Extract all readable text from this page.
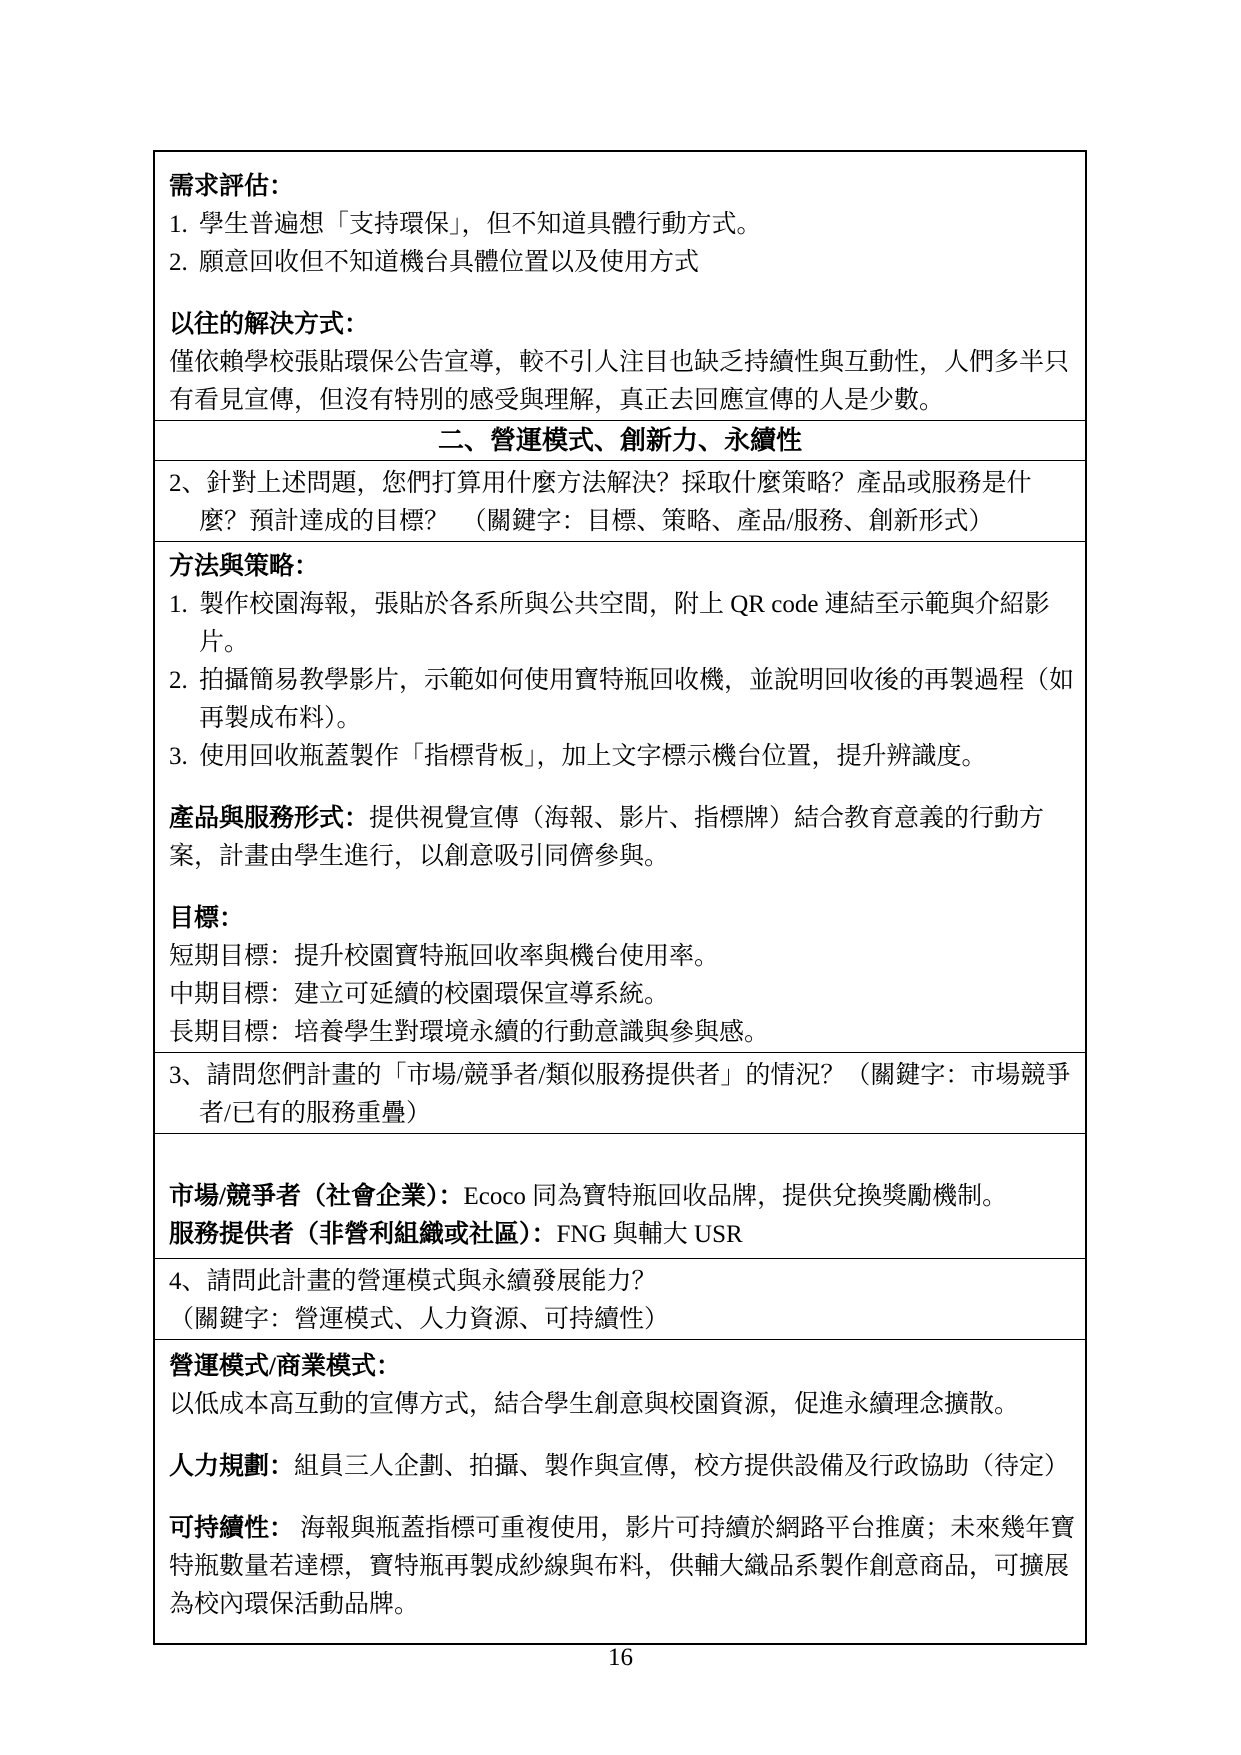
需求評估：

1. 學生普遍想「支持環保」，但不知道具體行動方式。
2. 願意回收但不知道機台具體位置以及使用方式

以往的解決方式：

僅依賴學校張貼環保公告宣導，較不引人注目也缺乏持續性與互動性，人們多半只有看見宣傳，但沒有特別的感受與理解，真正去回應宣傳的人是少數。

二、營運模式、創新力、永續性

2、針對上述問題，您們打算用什麼方法解決？採取什麼策略？產品或服務是什麼？預計達成的目標？　（關鍵字：目標、策略、產品/服務、創新形式）

方法與策略：

1. 製作校園海報，張貼於各系所與公共空間，附上 QR code 連結至示範與介紹影片。
2. 拍攝簡易教學影片，示範如何使用寶特瓶回收機，並說明回收後的再製過程（如再製成布料）。
3. 使用回收瓶蓋製作「指標背板」，加上文字標示機台位置，提升辨識度。

產品與服務形式：提供視覺宣傳（海報、影片、指標牌）結合教育意義的行動方案，計畫由學生進行，以創意吸引同儕參與。

目標：

短期目標：提升校園寶特瓶回收率與機台使用率。

中期目標：建立可延續的校園環保宣導系統。

長期目標：培養學生對環境永續的行動意識與參與感。

3、請問您們計畫的「市場/競爭者/類似服務提供者」的情況？（關鍵字：市場競爭者/已有的服務重疊）

市場/競爭者（社會企業）：Ecoco 同為寶特瓶回收品牌，提供兌換獎勵機制。

服務提供者（非營利組織或社區）：FNG 與輔大 USR

4、請問此計畫的營運模式與永續發展能力？

（關鍵字：營運模式、人力資源、可持續性）

營運模式/商業模式：

以低成本高互動的宣傳方式，結合學生創意與校園資源，促進永續理念擴散。

人力規劃：組員三人企劃、拍攝、製作與宣傳，校方提供設備及行政協助（待定）

可持續性： 海報與瓶蓋指標可重複使用，影片可持續於網路平台推廣；未來幾年寶特瓶數量若達標，寶特瓶再製成紗線與布料，供輔大織品系製作創意商品，可擴展為校內環保活動品牌。

16
